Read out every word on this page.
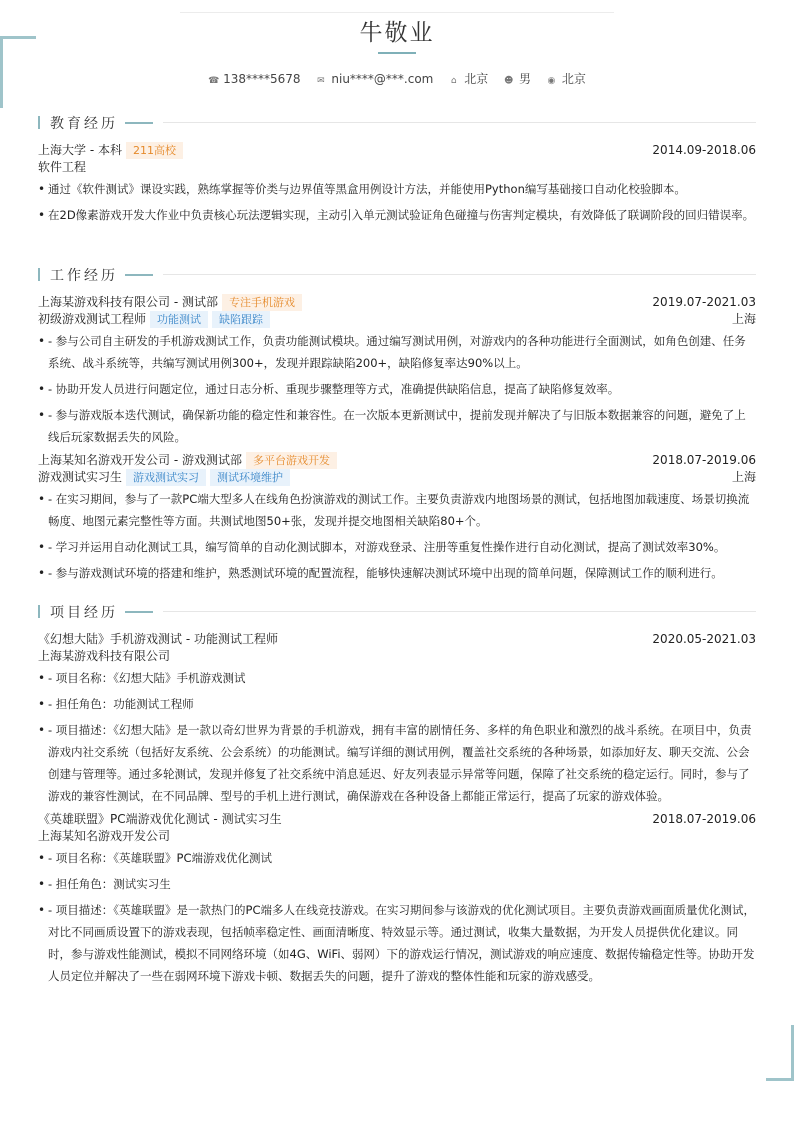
牛敬业
☎ 138****5678 ✉ niu****@***.com ⌂ 北京 ☻ 男 ◉ 北京
教育经历
上海大学 - 本科 211高校	2014.09-2018.06
软件工程
• 通过《软件测试》课设实践，熟练掌握等价类与边界值等黑盒用例设计方法，并能使用Python编写基础接口自动化校验脚本。
• 在2D像素游戏开发大作业中负责核心玩法逻辑实现，主动引入单元测试验证角色碰撞与伤害判定模块，有效降低了联调阶段的回归错误率。
工作经历
上海某游戏科技有限公司 - 测试部 专注手机游戏	2019.07-2021.03
初级游戏测试工程师 功能测试 缺陷跟踪	上海
• - 参与公司自主研发的手机游戏测试工作，负责功能测试模块。通过编写测试用例，对游戏内的各种功能进行全面测试，如角色创建、任务系统、战斗系统等，共编写测试用例300+，发现并跟踪缺陷200+，缺陷修复率达90%以上。
• - 协助开发人员进行问题定位，通过日志分析、重现步骤整理等方式，准确提供缺陷信息，提高了缺陷修复效率。
• - 参与游戏版本迭代测试，确保新功能的稳定性和兼容性。在一次版本更新测试中，提前发现并解决了与旧版本数据兼容的问题，避免了上线后玩家数据丢失的风险。
上海某知名游戏开发公司 - 游戏测试部 多平台游戏开发	2018.07-2019.06
游戏测试实习生 游戏测试实习 测试环境维护	上海
• - 在实习期间，参与了一款PC端大型多人在线角色扮演游戏的测试工作。主要负责游戏内地图场景的测试，包括地图加载速度、场景切换流畅度、地图元素完整性等方面。共测试地图50+张，发现并提交地图相关缺陷80+个。
• - 学习并运用自动化测试工具，编写简单的自动化测试脚本，对游戏登录、注册等重复性操作进行自动化测试，提高了测试效率30%。
• - 参与游戏测试环境的搭建和维护，熟悉测试环境的配置流程，能够快速解决测试环境中出现的简单问题，保障测试工作的顺利进行。
项目经历
《幻想大陆》手机游戏测试 - 功能测试工程师	2020.05-2021.03
上海某游戏科技有限公司
• - 项目名称：《幻想大陆》手机游戏测试
• - 担任角色：功能测试工程师
• - 项目描述：《幻想大陆》是一款以奇幻世界为背景的手机游戏，拥有丰富的剧情任务、多样的角色职业和激烈的战斗系统。在项目中，负责游戏内社交系统（包括好友系统、公会系统）的功能测试。编写详细的测试用例，覆盖社交系统的各种场景，如添加好友、聊天交流、公会创建与管理等。通过多轮测试，发现并修复了社交系统中消息延迟、好友列表显示异常等问题，保障了社交系统的稳定运行。同时，参与了游戏的兼容性测试，在不同品牌、型号的手机上进行测试，确保游戏在各种设备上都能正常运行，提高了玩家的游戏体验。
《英雄联盟》PC端游戏优化测试 - 测试实习生	2018.07-2019.06
上海某知名游戏开发公司
• - 项目名称：《英雄联盟》PC端游戏优化测试
• - 担任角色：测试实习生
• - 项目描述：《英雄联盟》是一款热门的PC端多人在线竞技游戏。在实习期间参与该游戏的优化测试项目。主要负责游戏画面质量优化测试，对比不同画质设置下的游戏表现，包括帧率稳定性、画面清晰度、特效显示等。通过测试，收集大量数据，为开发人员提供优化建议。同时，参与游戏性能测试，模拟不同网络环境（如4G、WiFi、弱网）下的游戏运行情况，测试游戏的响应速度、数据传输稳定性等。协助开发人员定位并解决了一些在弱网环境下游戏卡顿、数据丢失的问题，提升了游戏的整体性能和玩家的游戏感受。
